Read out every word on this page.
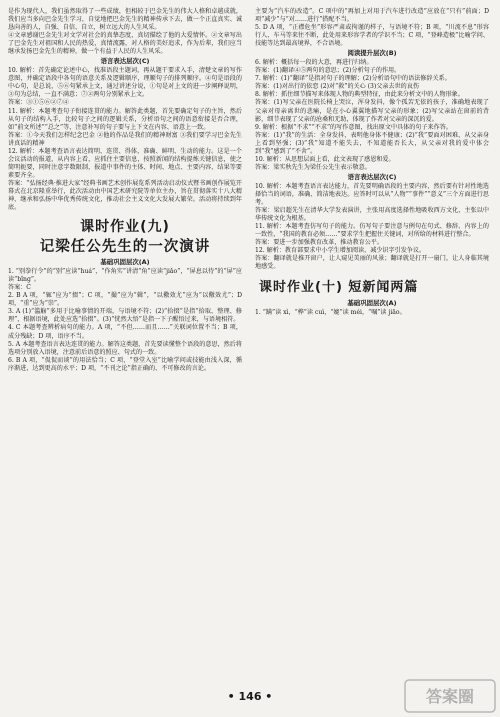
是作为现代人，我们虽然取得了一些成绩，但相较于巴金先生的伟大人格和卓越成就，我们应当多向巴金先生学习，自觉地把巴金先生的精神传承下去，做一个正直真实、诚恳向善的人，自强、自信、自立，树立远大的人生风采。
④文章感谢巴金先生对文学对社会的真挚态度，真切描绘了他的大爱情怀。②文章写出了巴金先生对祖国和人民的热爱，真情流露，对人格的美好追求，作为后辈，我们应当继承发扬巴金先生的精神，做一个有益于人民的人生风采。
语言表达层次(C)
10. 解析：首先确定论述中心，找准语段主题词，再从题干要求入手，清楚文章的写作意图，并确定语段中各句的语意关系及逻辑顺序，理顺句子的排列顺序。④句是语段的中心句，是总说，⑤⑥句紧承上文，通过讲述分说，①句是对上文的进一步阐释说明，③句为总结，一直不满意；⑦②两句分别紧承上文。
答案：③①⑤⑥②⑦④
11. 解析：本题考查句子衔接连贯的能力。解答此类题，首先要确定句子的主旨，然后从句子的结构入手，比较句子之间的逻辑关系，分析语句之间的语意衔接是否合理，如“前文所述”“总之”等，注意补写的句子要与上下文在内容、语意上一致。
答案：①今天我们怎样纪念巴金 ②他的作品是我们的精神财富 ③我们要学习巴金先生讲真话的精神
12. 解析：本题考查语言表达简明、连贯、得体，准确、鲜明、生动的能力。这是一个会议活动的报道，从内容上看，应抓住主要信息，按照新闻的结构提炼关键信息，使之简明扼要，同时注意字数限制，报道中事件的主体、时间、地点、主要内容、结果等要素要齐全。
答案：“弘扬经典·推进大家”经典书画艺术创作展览系列活动启动仪式暨书画创作展览开幕式在北京隆重举行，此次活动由中国艺术研究院等单位主办，旨在贯彻落实十八大精神，继承和弘扬中华优秀传统文化，推动社会主义文化大发展大繁荣。活动将持续到年底。
课时作业(九)
记梁任公先生的一次演讲
基础巩固层次(A)
1. “别拳行令”的“别”应读“huá”，“作角实”讲清“角”应读“jiǎo”，“屏息以待”的“屏”应读“bǐng”。
答案：C
2. B A 项，“辄”应为“掇”；C 项，“撮”应为“辑”，“以儆效尤”应为“以儆效尤”；D 项，“重”应为“崇”。
3. A (1)“滥觞”多用于比喻事情的开端，与语境不符；(2)“拾掇”是指“拾取、整理、修理”，根据语境，此处应选“拾掇”。(3)“恍然大悟”是指一下子醒悟过来，与语境相符。
4. C 本题考查辨析病句的能力。A 项，“不但……而且……”关联词位置不当；B 项，成分残缺；D 项，语序不当。
5. A 本题考查语言表达连贯的能力。解答这类题，首先要读懂整个语段的意思，然后将选项分别放入语境，注意前后语意的照应、句式的一致。
6. B A 项，“侃侃而谈”的用法恰当；C 项，“登堂入室”比喻学问或技能由浅入深，循序渐进，达到更高的水平；D 项，“不刊之论”指正确的、不可修改的言论。
主要为“汽车的改造”。C 项中的“再加上对用于汽车进行改造”应放在“只有”前面；D 项“减少”与“对……进行”搭配不当。
5. D A 项，“正襟危坐”形容严肃或拘谨的样子，与语境不符；B 项，“川流不息”形容行人、车马等来往不断，此处用来形容学者的学识不当；C 项，“登峰造极”比喻学问、技能等达到最高境界，不合语境。
阅读提升层次(B)
6. 解析：概括每一段的大意，再进行归纳。
答案：(1)翻译④⑤两句的意思；(2)分析句子的作用。
7. 解析：(1)“翻译”是指对句子的理解；(2)分析语句中的语法修辞关系。
答案：(1)对出行的依恋 (2)对“救”的关心 (3)父亲去世的哀伤
8. 解析：抓住细节描写来体现人物的典型特征，由此来分析文中的人物形象。
答案：(1)写父亲在医院长椅上哭泣，浑身发抖，像个孤苦无依的孩子，准确地表现了父亲对母亲离世的悲痛，是在小心翼翼地描写父亲的形象；(2)写父亲站在窗前的背影，细节表现了父亲的沧桑和无助，体现了作者对父亲的深沉的爱。
9. 解析：根据“不求”“不求”的写作意图，找出原文中具体的句子来作答。
答案：(1)“我”的生活：全身发抖，表明他身体不健康；(2)“我”要面对困难，从父亲身上看到坚强；(3)“我”知道不能失去，不知道能否长大，从父亲对我的爱中体会到“我”感到了“不舍”。
10. 解析：从思想层面上看，此文表现了感恩和爱。
答案：梁实秋先生为梁任公先生表示敬意。
语言表达层次(C)
10. 解析：本题考查语言表达能力，首先要明确语段的主要内容，然后要有针对性地选择恰当的词语，准确、简洁地表达。应答时可以从“人物”“事件”“意义”三个方面进行思考。
答案：梁启超先生在清华大学发表演讲，主张用高度选择性地吸收西方文化，主张以中华传统文化为根基。
11. 解析：本题考查仿写句子的能力。仿写句子要注意与例句在句式、修辞、内容上的一致性，“我国的教育必须……”要求学生把握住关键词，对所给的材料进行整合。
答案：要进一步加强教育改革，推动教育公平。
12. 解析：教育部要求中小学生增加阅读，减少识字引发争议。
答案：翻译就是推开窗户，让人窥见美丽的风景；翻译就是打开一扇门，让人身临其境地感受。
课时作业(十) 短新闻两篇
基础巩固层次(A)
1. “蹒”读 xì，“桦”读 cuì，“媲”读 méi，“嘱”读 jiāo。
• 146 •	答案圈
